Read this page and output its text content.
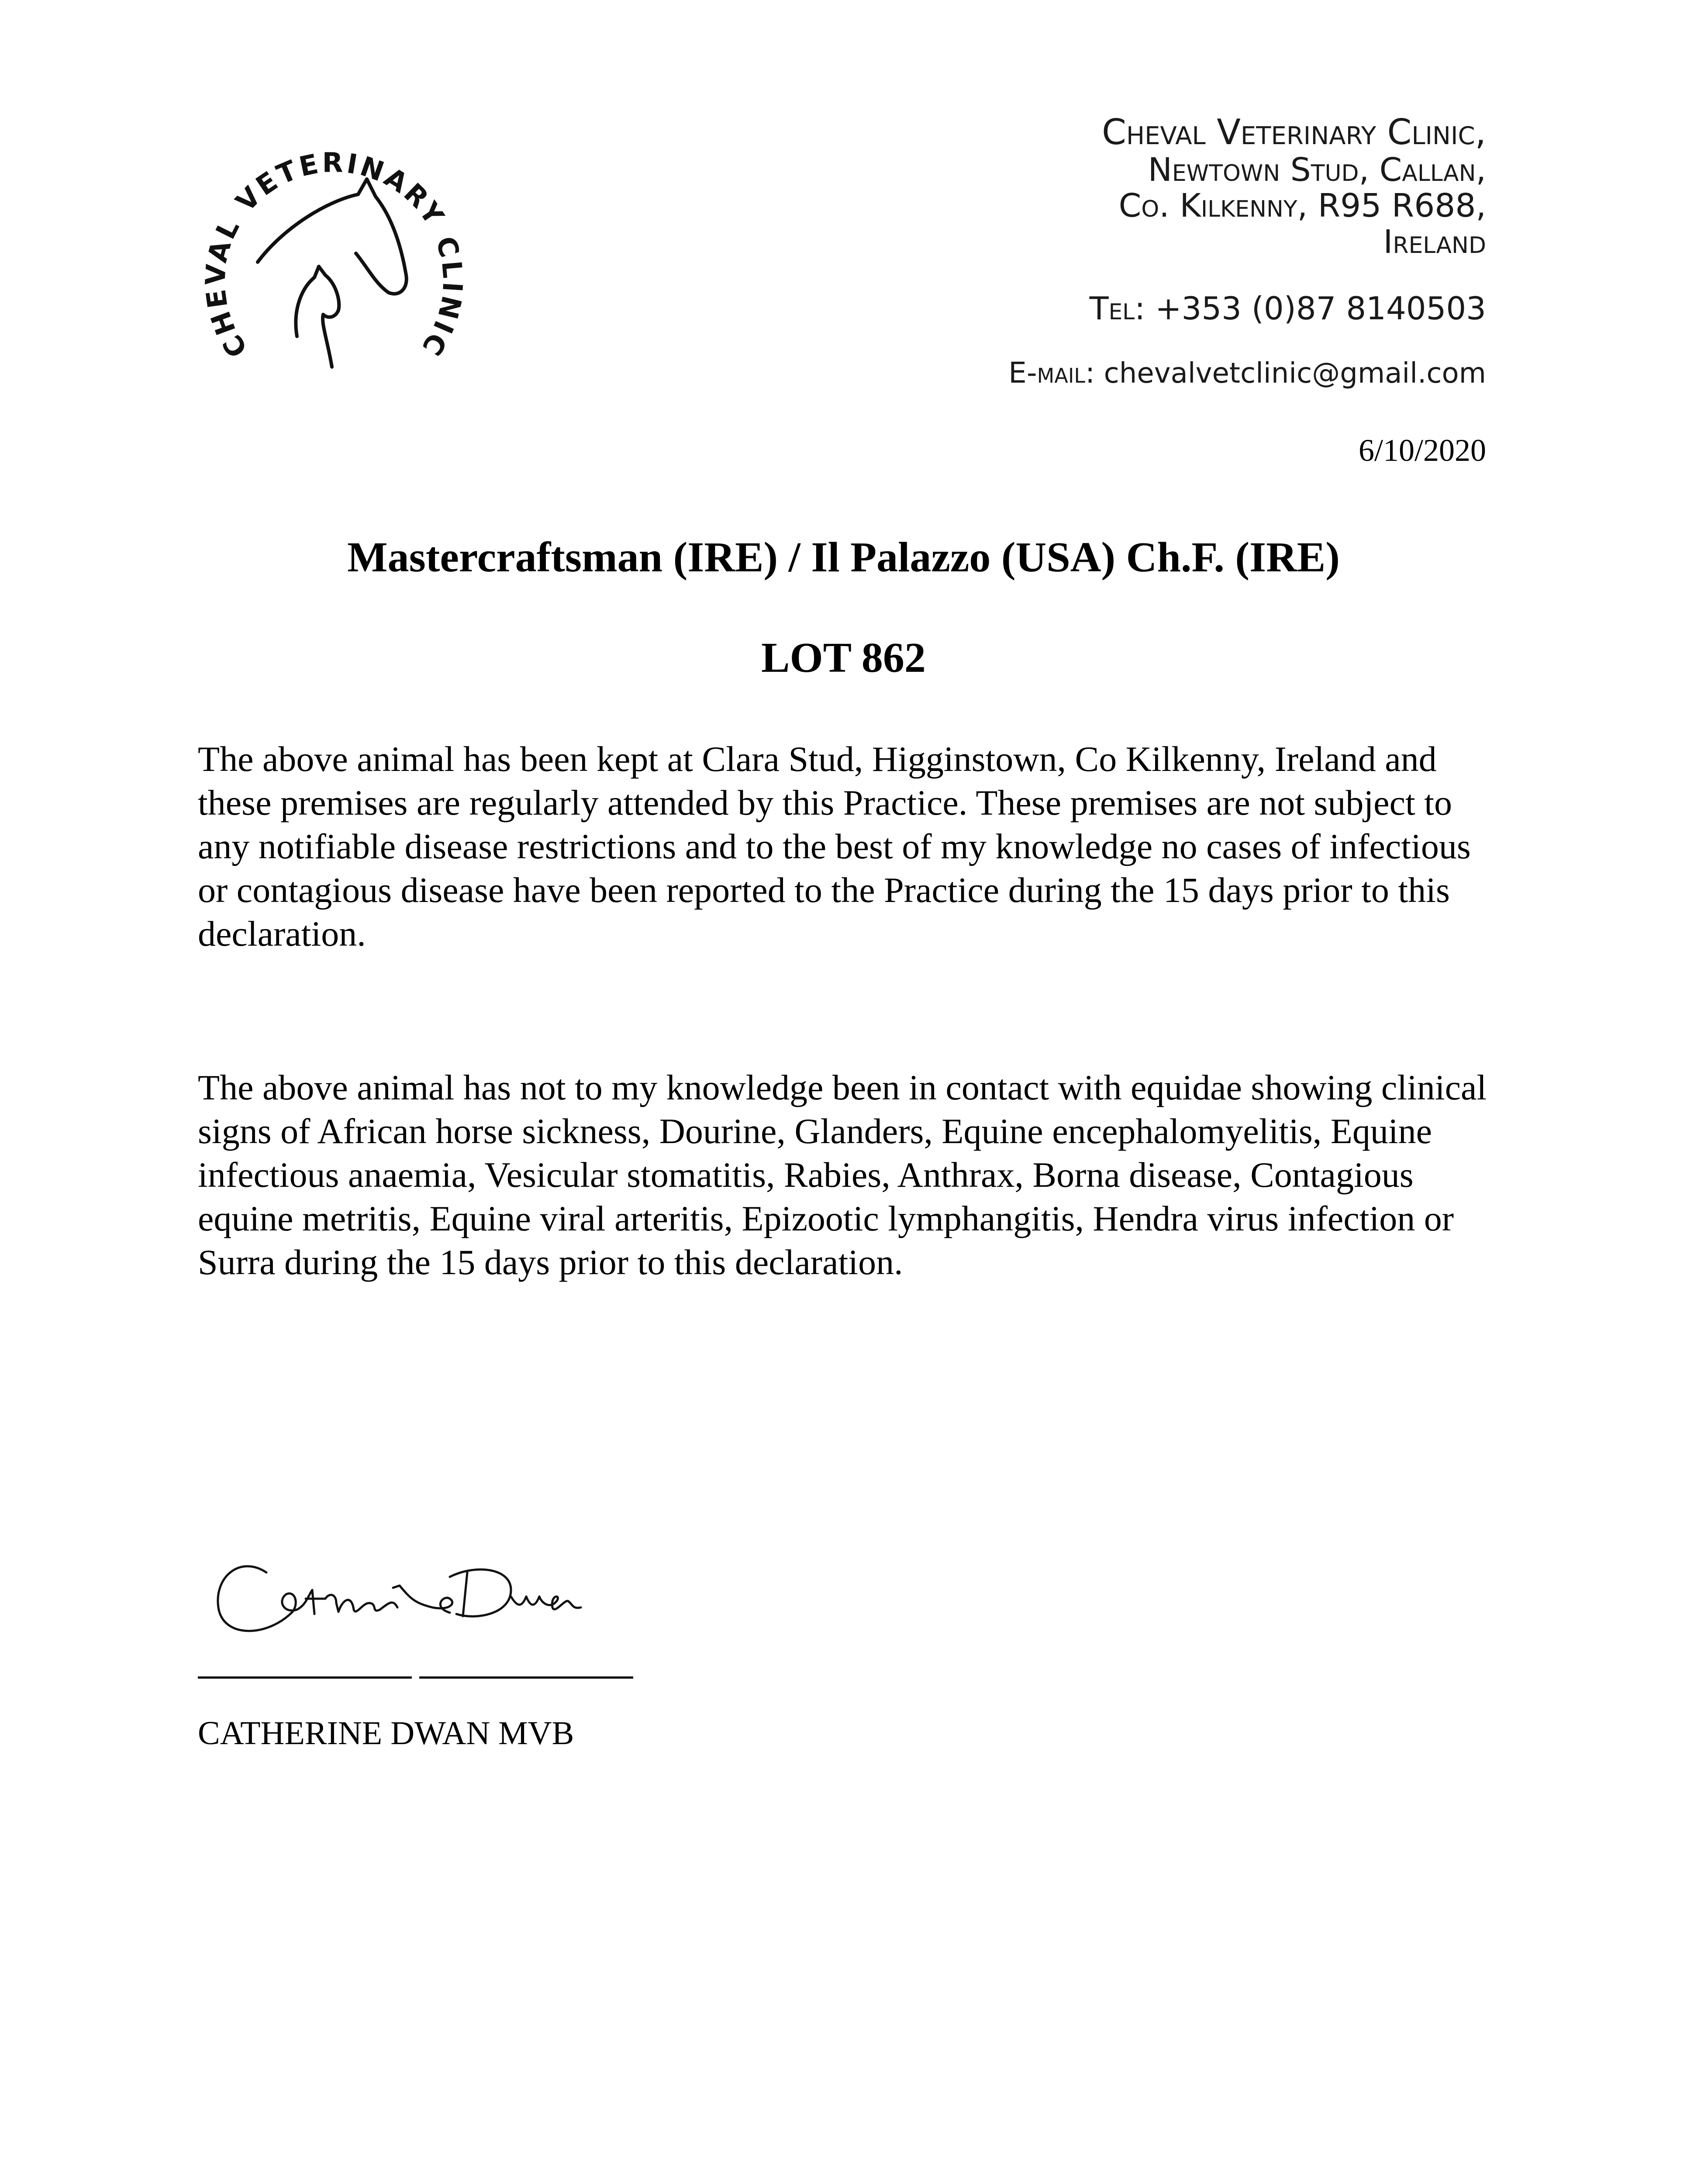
CHEVAL VETERINARY CLINIC
Cheval Veterinary Clinic,
Newtown Stud, Callan,
Co. Kilkenny, R95 R688,
Ireland
Tel: +353 (0)87 8140503
E-mail: chevalvetclinic@gmail.com
6/10/2020
Mastercraftsman (IRE) / Il Palazzo (USA) Ch.F. (IRE)
LOT 862

The above animal has been kept at Clara Stud, Higginstown, Co Kilkenny, Ireland and these premises are regularly attended by this Practice. These premises are not subject to any notifiable disease restrictions and to the best of my knowledge no cases of infectious or contagious disease have been reported to the Practice during the 15 days prior to this declaration.

The above animal has not to my knowledge been in contact with equidae showing clinical signs of African horse sickness, Dourine, Glanders, Equine encephalomyelitis, Equine infectious anaemia, Vesicular stomatitis, Rabies, Anthrax, Borna disease, Contagious equine metritis, Equine viral arteritis, Epizootic lymphangitis, Hendra virus infection or Surra during the 15 days prior to this declaration.

CATHERINE DWAN MVB
